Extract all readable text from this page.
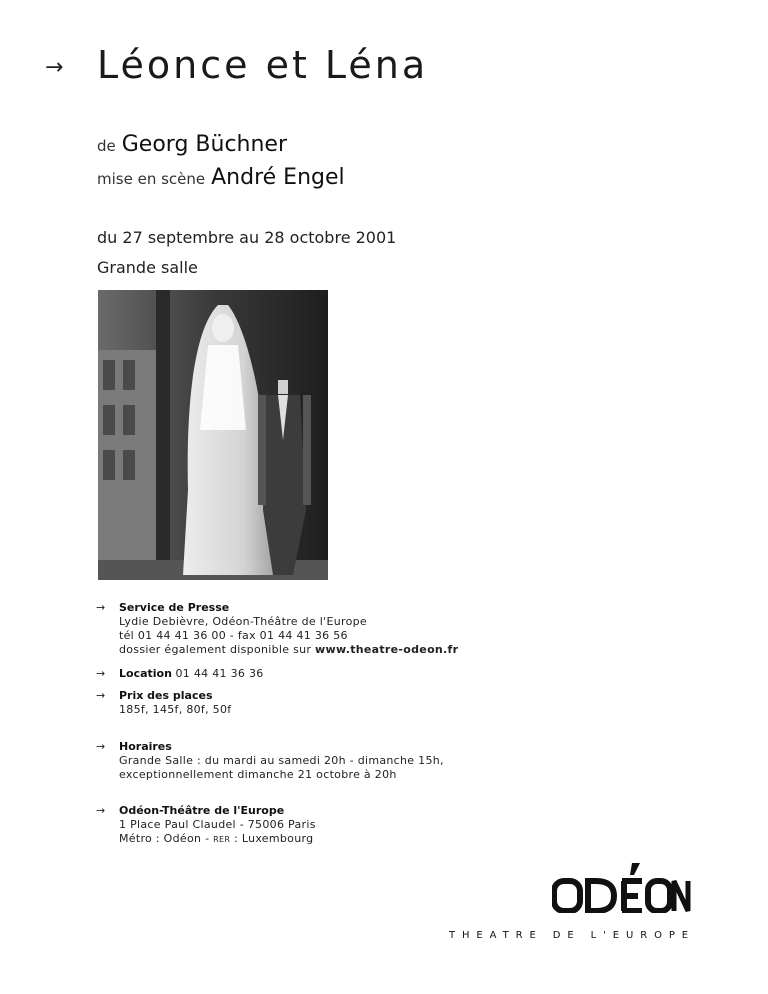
→ Léonce et Léna
de Georg Büchner
mise en scène André Engel
du 27 septembre au 28 octobre 2001
Grande salle
→ Service de Presse
Lydie Debièvre, Odéon-Théâtre de l'Europe
tél 01 44 41 36 00 - fax 01 44 41 36 56
dossier également disponible sur www.theatre-odeon.fr
→ Location 01 44 41 36 36
→ Prix des places
185f, 145f, 80f, 50f
→ Horaires
Grande Salle : du mardi au samedi 20h - dimanche 15h,
exceptionnellement dimanche 21 octobre à 20h
→ Odéon-Théâtre de l'Europe
1 Place Paul Claudel - 75006 Paris
Métro : Odéon - RER : Luxembourg
THEATRE DE L'EUROPE
